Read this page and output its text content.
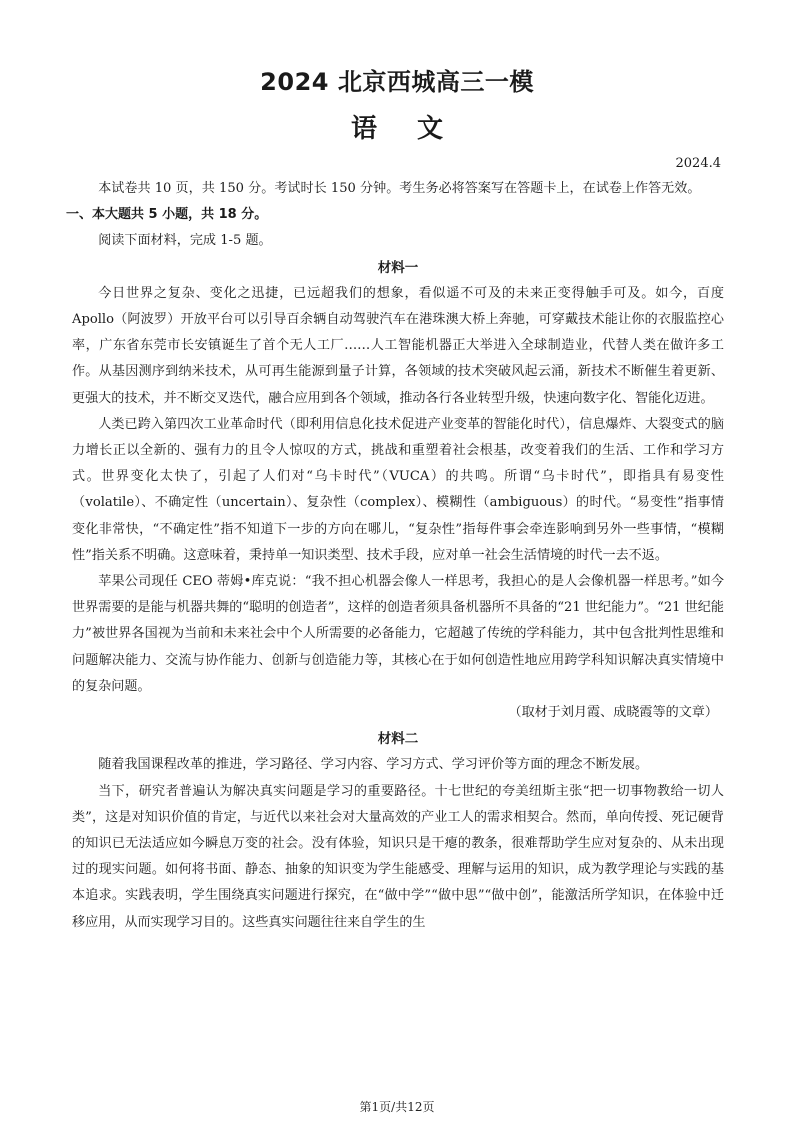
2024 北京西城高三一模
语文
2024.4

本试卷共 10 页，共 150 分。考试时长 150 分钟。考生务必将答案写在答题卡上，在试卷上作答无效。

一、本大题共 5 小题，共 18 分。

阅读下面材料，完成 1-5 题。

材料一

今日世界之复杂、变化之迅捷，已远超我们的想象，看似遥不可及的未来正变得触手可及。如今，百度 Apollo（阿波罗）开放平台可以引导百余辆自动驾驶汽车在港珠澳大桥上奔驰，可穿戴技术能让你的衣服监控心率，广东省东莞市长安镇诞生了首个无人工厂……人工智能机器正大举进入全球制造业，代替人类在做许多工作。从基因测序到纳米技术，从可再生能源到量子计算，各领域的技术突破风起云涌，新技术不断催生着更新、更强大的技术，并不断交叉迭代，融合应用到各个领域，推动各行各业转型升级，快速向数字化、智能化迈进。

人类已跨入第四次工业革命时代（即利用信息化技术促进产业变革的智能化时代），信息爆炸、大裂变式的脑力增长正以全新的、强有力的且令人惊叹的方式，挑战和重塑着社会根基，改变着我们的生活、工作和学习方式。世界变化太快了，引起了人们对“乌卡时代”（VUCA）的共鸣。所谓“乌卡时代”，即指具有易变性（volatile）、不确定性（uncertain）、复杂性（complex）、模糊性（ambiguous）的时代。“易变性”指事情变化非常快，“不确定性”指不知道下一步的方向在哪儿，“复杂性”指每件事会牵连影响到另外一些事情，“模糊性”指关系不明确。这意味着，秉持单一知识类型、技术手段，应对单一社会生活情境的时代一去不返。

苹果公司现任 CEO 蒂姆•库克说：“我不担心机器会像人一样思考，我担心的是人会像机器一样思考。”如今世界需要的是能与机器共舞的“聪明的创造者”，这样的创造者须具备机器所不具备的“21 世纪能力”。“21 世纪能力”被世界各国视为当前和未来社会中个人所需要的必备能力，它超越了传统的学科能力，其中包含批判性思维和问题解决能力、交流与协作能力、创新与创造能力等，其核心在于如何创造性地应用跨学科知识解决真实情境中的复杂问题。

（取材于刘月霞、成晓霞等的文章）

材料二

随着我国课程改革的推进，学习路径、学习内容、学习方式、学习评价等方面的理念不断发展。

当下，研究者普遍认为解决真实问题是学习的重要路径。十七世纪的夸美纽斯主张“把一切事物教给一切人类”，这是对知识价值的肯定，与近代以来社会对大量高效的产业工人的需求相契合。然而，单向传授、死记硬背的知识已无法适应如今瞬息万变的社会。没有体验，知识只是干瘪的教条，很难帮助学生应对复杂的、从未出现过的现实问题。如何将书面、静态、抽象的知识变为学生能感受、理解与运用的知识，成为教学理论与实践的基本追求。实践表明，学生围绕真实问题进行探究，在“做中学”“做中思”“做中创”，能激活所学知识，在体验中迁移应用，从而实现学习目的。这些真实问题往往来自学生的生

第1页/共12页
